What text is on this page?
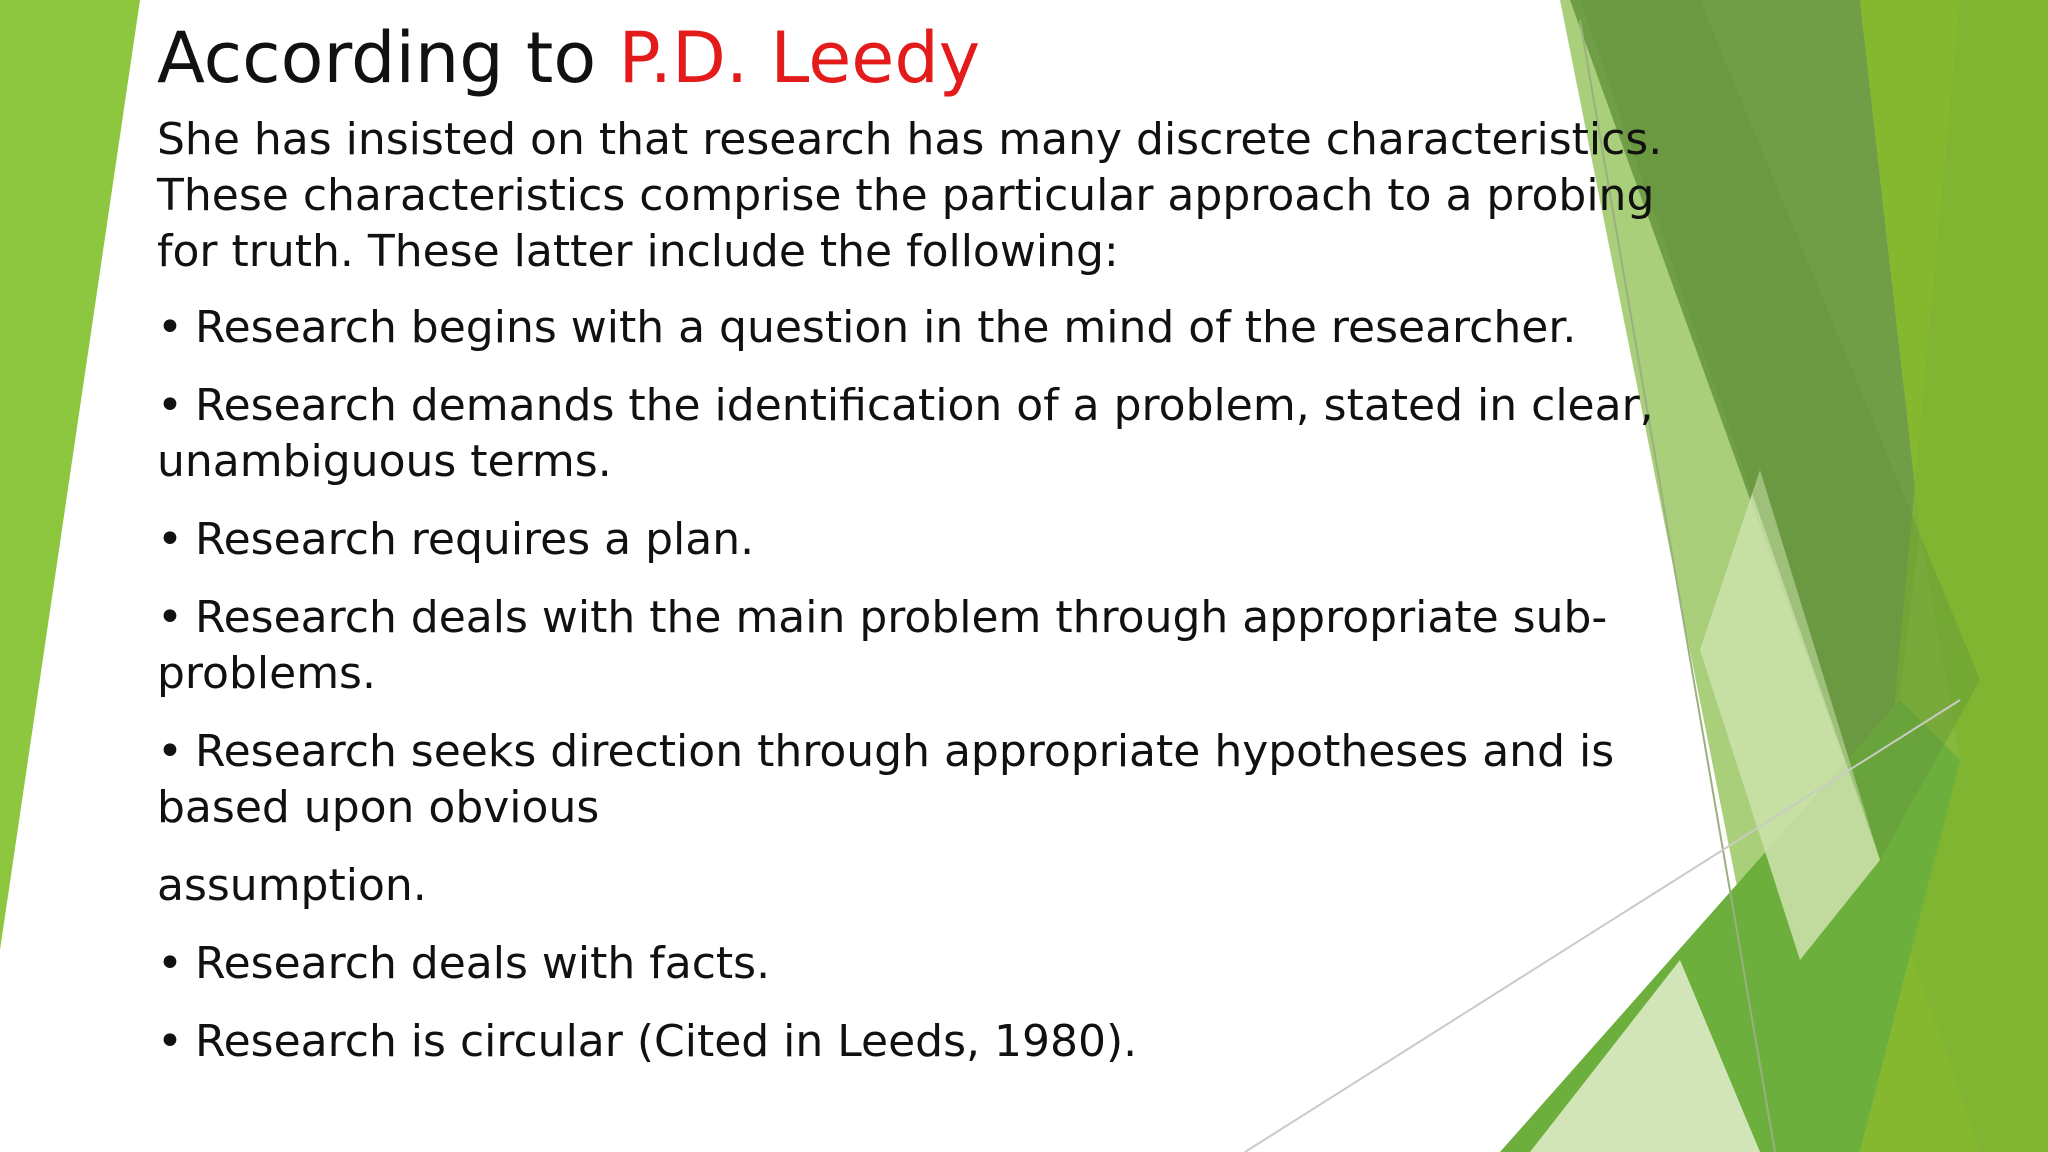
According to P.D. Leedy

She has insisted on that research has many discrete characteristics. These characteristics comprise the particular approach to a probing for truth. These latter include the following:

• Research begins with a question in the mind of the researcher.
• Research demands the identification of a problem, stated in clear, unambiguous terms.
• Research requires a plan.
• Research deals with the main problem through appropriate sub-problems.
• Research seeks direction through appropriate hypotheses and is based upon obvious
assumption.
• Research deals with facts.
• Research is circular (Cited in Leeds, 1980).
